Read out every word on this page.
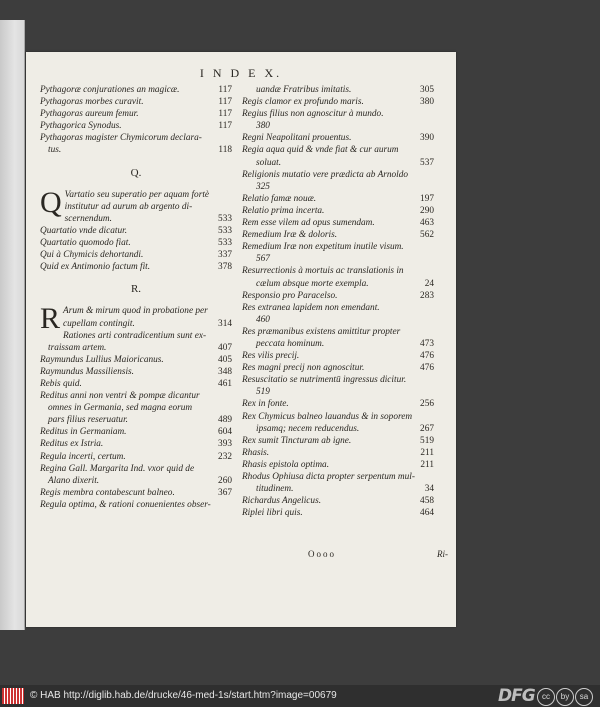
I N D E X.
Pythagoræ conjurationes an magicæ.	117
Pythagoras morbes curavit.	117
Pythagoras aureum femur.	117
Pythagorica Synodus.	117
Pythagoras magister Chymicorum declara-
tus.	118
Q.
Q Vartatio seu superatio per aquam fortè
institutur ad aurum ab argento di-
scernendum.	533
Quartatio vnde dicatur.	533
Quartatio quomodo fiat.	533
Qui à Chymicis dehortandi.	337
Quid ex Antimonio factum fit.	378
R.
R Arum & mirum quod in probatione per
cupellam contingit.	314
Rationes arti contradicentium sunt ex-
traissam artem.	407
Raymundus Lullius Maioricanus.	405
Raymundus Massiliensis.	348
Rebis quid.	461
Reditus anni non ventri & pompæ dicantur
omnes in Germania, sed magna eorum
pars filius reseruatur.	489
Reditus in Germaniam.	604
Reditus ex Istria.	393
Regula incerti, certum.	232
Regina Gall. Margarita Ind. vxor quid de
Alano dixerit.	260
Regis membra contabescunt balneo.	367
Regula optima, & rationi conuenientes obser-
uandæ Fratribus imitatis.	305
Regis clamor ex profundo maris.	380
Regius filius non agnoscitur à mundo.
380
Regni Neapolitani prouentus.	390
Regia aqua quid & vnde fiat & cur aurum
soluat.	537
Religionis mutatio vere prædicta ab Arnoldo
325
Relatio famæ nouæ.	197
Relatio prima incerta.	290
Rem esse vilem ad opus sumendam.	463
Remedium Iræ & doloris.	562
Remedium Iræ non expetitum inutile visum.
567
Resurrectionis à mortuis ac translationis in
cælum absque morte exempla.	24
Responsio pro Paracelso.	283
Res extranea lapidem non emendant.
460
Res præmanibus existens amittitur propter
peccata hominum.	473
Res vilis precij.	476
Res magni precij non agnoscitur.	476
Resuscitatio se nutrimentū ingressus dicitur.
519
Rex in fonte.	256
Rex Chymicus balneo lauandus & in soporem
ipsamq; necem reducendus.	267
Rex sumit Tincturam ab igne.	519
Rhasis.	211
Rhasis epistola optima.	211
Rhodus Ophiusa dicta propter serpentum mul-
titudinem.	34
Richardus Angelicus.	458
Riplei libri quis.	464
Oooo	Ri-
© HAB http://diglib.hab.de/drucke/46-med-1s/start.htm?image=00679	DFG cc	by	sa
